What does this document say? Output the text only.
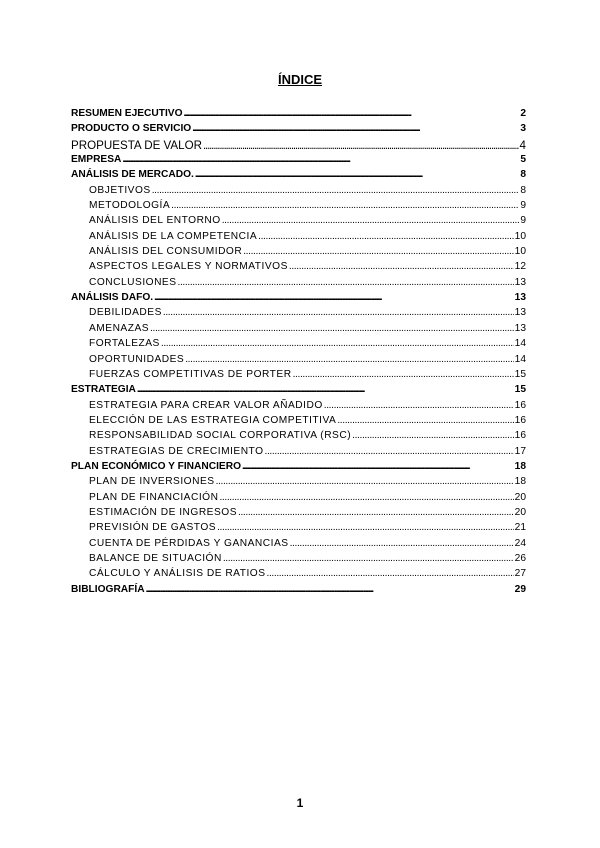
ÍNDICE
RESUMEN EJECUTIVO . . .	2
PRODUCTO O SERVICIO . . .	3
PROPUESTA DE VALOR . . .	4
EMPRESA . . .	5
ANÁLISIS DE MERCADO. . . .	8
OBJETIVOS . . .	8
METODOLOGÍA . . .	9
ANÁLISIS DEL ENTORNO . . .	9
ANÁLISIS DE LA COMPETENCIA . . .	10
ANÁLISIS DEL CONSUMIDOR . . .	10
ASPECTOS LEGALES Y NORMATIVOS . . .	12
CONCLUSIONES . . .	13
ANÁLISIS DAFO. . . .	13
DEBILIDADES . . .	13
AMENAZAS . . .	13
FORTALEZAS . . .	14
OPORTUNIDADES . . .	14
FUERZAS COMPETITIVAS DE PORTER . . .	15
ESTRATEGIA . . .	15
ESTRATEGIA PARA CREAR VALOR AÑADIDO . . .	16
ELECCIÓN DE LAS ESTRATEGIA COMPETITIVA . . .	16
RESPONSABILIDAD SOCIAL CORPORATIVA (RSC) . . .	16
ESTRATEGIAS DE CRECIMIENTO . . .	17
PLAN ECONÓMICO Y FINANCIERO . . .	18
PLAN DE INVERSIONES . . .	18
PLAN DE FINANCIACIÓN . . .	20
ESTIMACIÓN DE INGRESOS . . .	20
PREVISIÓN DE GASTOS . . .	21
CUENTA DE PÉRDIDAS Y GANANCIAS . . .	24
BALANCE DE SITUACIÓN . . .	26
CÁLCULO Y ANÁLISIS DE RATIOS . . .	27
BIBLIOGRAFÍA . . .	29
1
